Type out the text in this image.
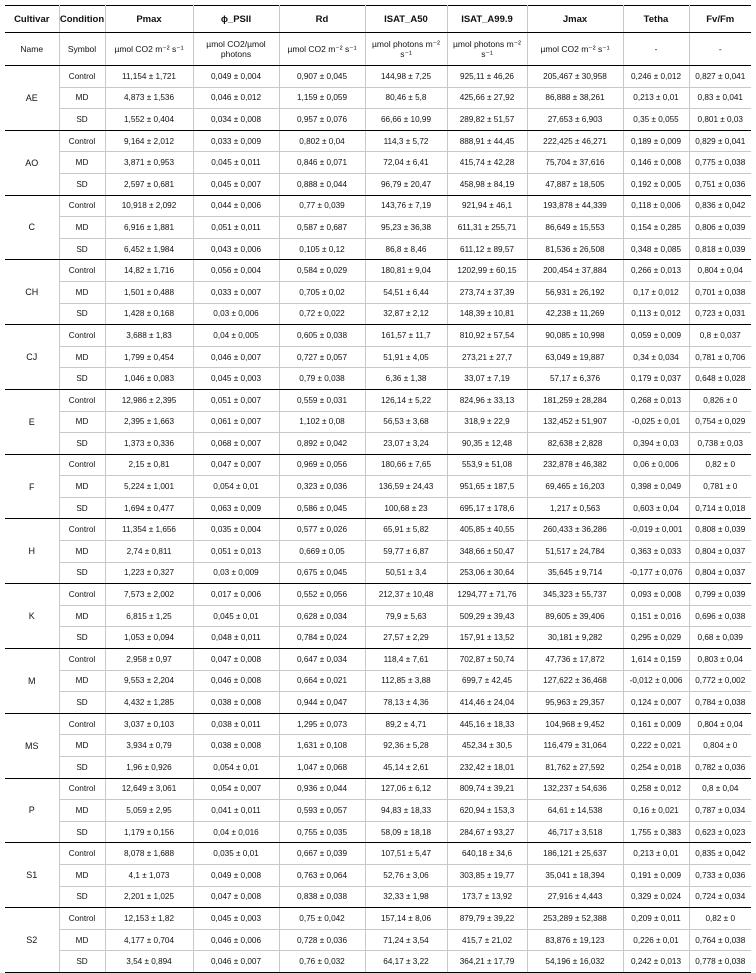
Cultivar	Condition	Pmax	ϕ_PSII	Rd	ISAT_A50	ISAT_A99.9	Jmax	Tetha	Fv/Fm
Name	Symbol	µmol CO2 m⁻² s⁻¹	µmol CO2/µmol photons	µmol CO2 m⁻² s⁻¹	µmol photons m⁻² s⁻¹	µmol photons m⁻² s⁻¹	µmol CO2 m⁻² s⁻¹	-	-
AE	Control	11,154 ± 1,721	0,049 ± 0,004	0,907 ± 0,045	144,98 ± 7,25	925,11 ± 46,26	205,467 ± 30,958	0,246 ± 0,012	0,827 ± 0,041
	MD	4,873 ± 1,536	0,046 ± 0,012	1,159 ± 0,059	80,46 ± 5,8	425,66 ± 27,92	86,888 ± 38,261	0,213 ± 0,01	0,83 ± 0,041
	SD	1,552 ± 0,404	0,034 ± 0,008	0,957 ± 0,076	66,66 ± 10,99	289,82 ± 51,57	27,653 ± 6,903	0,35 ± 0,055	0,801 ± 0,03
AO	Control	9,164 ± 2,012	0,033 ± 0,009	0,802 ± 0,04	114,3 ± 5,72	888,91 ± 44,45	222,425 ± 46,271	0,189 ± 0,009	0,829 ± 0,041
	MD	3,871 ± 0,953	0,045 ± 0,011	0,846 ± 0,071	72,04 ± 6,41	415,74 ± 42,28	75,704 ± 37,616	0,146 ± 0,008	0,775 ± 0,038
	SD	2,597 ± 0,681	0,045 ± 0,007	0,888 ± 0,044	96,79 ± 20,47	458,98 ± 84,19	47,887 ± 18,505	0,192 ± 0,005	0,751 ± 0,036
C	Control	10,918 ± 2,092	0,044 ± 0,006	0,77 ± 0,039	143,76 ± 7,19	921,94 ± 46,1	193,878 ± 44,339	0,118 ± 0,006	0,836 ± 0,042
	MD	6,916 ± 1,881	0,051 ± 0,011	0,587 ± 0,687	95,23 ± 36,38	611,31 ± 255,71	86,649 ± 15,553	0,154 ± 0,285	0,806 ± 0,039
	SD	6,452 ± 1,984	0,043 ± 0,006	0,105 ± 0,12	86,8 ± 8,46	611,12 ± 89,57	81,536 ± 26,508	0,348 ± 0,085	0,818 ± 0,039
CH	Control	14,82 ± 1,716	0,056 ± 0,004	0,584 ± 0,029	180,81 ± 9,04	1202,99 ± 60,15	200,454 ± 37,884	0,266 ± 0,013	0,804 ± 0,04
	MD	1,501 ± 0,488	0,033 ± 0,007	0,705 ± 0,02	54,51 ± 6,44	273,74 ± 37,39	56,931 ± 26,192	0,17 ± 0,012	0,701 ± 0,038
	SD	1,428 ± 0,168	0,03 ± 0,006	0,72 ± 0,022	32,87 ± 2,12	148,39 ± 10,81	42,238 ± 11,269	0,113 ± 0,012	0,723 ± 0,031
CJ	Control	3,688 ± 1,83	0,04 ± 0,005	0,605 ± 0,038	161,57 ± 11,7	810,92 ± 57,54	90,085 ± 10,998	0,059 ± 0,009	0,8 ± 0,037
	MD	1,799 ± 0,454	0,046 ± 0,007	0,727 ± 0,057	51,91 ± 4,05	273,21 ± 27,7	63,049 ± 19,887	0,34 ± 0,034	0,781 ± 0,706
	SD	1,046 ± 0,083	0,045 ± 0,003	0,79 ± 0,038	6,36 ± 1,38	33,07 ± 7,19	57,17 ± 6,376	0,179 ± 0,037	0,648 ± 0,028
E	Control	12,986 ± 2,395	0,051 ± 0,007	0,559 ± 0,031	126,14 ± 5,22	824,96 ± 33,13	181,259 ± 28,284	0,268 ± 0,013	0,826 ± 0
	MD	2,395 ± 1,663	0,061 ± 0,007	1,102 ± 0,08	56,53 ± 3,68	318,9 ± 22,9	132,452 ± 51,907	-0,025 ± 0,01	0,754 ± 0,029
	SD	1,373 ± 0,336	0,068 ± 0,007	0,892 ± 0,042	23,07 ± 3,24	90,35 ± 12,48	82,638 ± 2,828	0,394 ± 0,03	0,738 ± 0,03
F	Control	2,15 ± 0,81	0,047 ± 0,007	0,969 ± 0,056	180,66 ± 7,65	553,9 ± 51,08	232,878 ± 46,382	0,06 ± 0,006	0,82 ± 0
	MD	5,224 ± 1,001	0,054 ± 0,01	0,323 ± 0,036	136,59 ± 24,43	951,65 ± 187,5	69,465 ± 16,203	0,398 ± 0,049	0,781 ± 0
	SD	1,694 ± 0,477	0,063 ± 0,009	0,586 ± 0,045	100,68 ± 23	695,17 ± 178,6	1,217 ± 0,563	0,603 ± 0,04	0,714 ± 0,018
H	Control	11,354 ± 1,656	0,035 ± 0,004	0,577 ± 0,026	65,91 ± 5,82	405,85 ± 40,55	260,433 ± 36,286	-0,019 ± 0,001	0,808 ± 0,039
	MD	2,74 ± 0,811	0,051 ± 0,013	0,669 ± 0,05	59,77 ± 6,87	348,66 ± 50,47	51,517 ± 24,784	0,363 ± 0,033	0,804 ± 0,037
	SD	1,223 ± 0,327	0,03 ± 0,009	0,675 ± 0,045	50,51 ± 3,4	253,06 ± 30,64	35,645 ± 9,714	-0,177 ± 0,076	0,804 ± 0,037
K	Control	7,573 ± 2,002	0,017 ± 0,006	0,552 ± 0,056	212,37 ± 10,48	1294,77 ± 71,76	345,323 ± 55,737	0,093 ± 0,008	0,799 ± 0,039
	MD	6,815 ± 1,25	0,045 ± 0,01	0,628 ± 0,034	79,9 ± 5,63	509,29 ± 39,43	89,605 ± 39,406	0,151 ± 0,016	0,696 ± 0,038
	SD	1,053 ± 0,094	0,048 ± 0,011	0,784 ± 0,024	27,57 ± 2,29	157,91 ± 13,52	30,181 ± 9,282	0,295 ± 0,029	0,68 ± 0,039
M	Control	2,958 ± 0,97	0,047 ± 0,008	0,647 ± 0,034	118,4 ± 7,61	702,87 ± 50,74	47,736 ± 17,872	1,614 ± 0,159	0,803 ± 0,04
	MD	9,553 ± 2,204	0,046 ± 0,008	0,664 ± 0,021	112,85 ± 3,88	699,7 ± 42,45	127,622 ± 36,468	-0,012 ± 0,006	0,772 ± 0,002
	SD	4,432 ± 1,285	0,038 ± 0,008	0,944 ± 0,047	78,13 ± 4,36	414,46 ± 24,04	95,963 ± 29,357	0,124 ± 0,007	0,784 ± 0,038
MS	Control	3,037 ± 0,103	0,038 ± 0,011	1,295 ± 0,073	89,2 ± 4,71	445,16 ± 18,33	104,968 ± 9,452	0,161 ± 0,009	0,804 ± 0,04
	MD	3,934 ± 0,79	0,038 ± 0,008	1,631 ± 0,108	92,36 ± 5,28	452,34 ± 30,5	116,479 ± 31,064	0,222 ± 0,021	0,804 ± 0
	SD	1,96 ± 0,926	0,054 ± 0,01	1,047 ± 0,068	45,14 ± 2,61	232,42 ± 18,01	81,762 ± 27,592	0,254 ± 0,018	0,782 ± 0,036
P	Control	12,649 ± 3,061	0,054 ± 0,007	0,936 ± 0,044	127,06 ± 6,12	809,74 ± 39,21	132,237 ± 54,636	0,258 ± 0,012	0,8 ± 0,04
	MD	5,059 ± 2,95	0,041 ± 0,011	0,593 ± 0,057	94,83 ± 18,33	620,94 ± 153,3	64,61 ± 14,538	0,16 ± 0,021	0,787 ± 0,034
	SD	1,179 ± 0,156	0,04 ± 0,016	0,755 ± 0,035	58,09 ± 18,18	284,67 ± 93,27	46,717 ± 3,518	1,755 ± 0,383	0,623 ± 0,023
S1	Control	8,078 ± 1,688	0,035 ± 0,01	0,667 ± 0,039	107,51 ± 5,47	640,18 ± 34,6	186,121 ± 25,637	0,213 ± 0,01	0,835 ± 0,042
	MD	4,1 ± 1,073	0,049 ± 0,008	0,763 ± 0,064	52,76 ± 3,06	303,85 ± 19,77	35,041 ± 18,394	0,191 ± 0,009	0,733 ± 0,036
	SD	2,201 ± 1,025	0,047 ± 0,008	0,838 ± 0,038	32,33 ± 1,98	173,7 ± 13,92	27,916 ± 4,443	0,329 ± 0,024	0,724 ± 0,034
S2	Control	12,153 ± 1,82	0,045 ± 0,003	0,75 ± 0,042	157,14 ± 8,06	879,79 ± 39,22	253,289 ± 52,388	0,209 ± 0,011	0,82 ± 0
	MD	4,177 ± 0,704	0,046 ± 0,006	0,728 ± 0,036	71,24 ± 3,54	415,7 ± 21,02	83,876 ± 19,123	0,226 ± 0,01	0,764 ± 0,038
	SD	3,54 ± 0,894	0,046 ± 0,007	0,76 ± 0,032	64,17 ± 3,22	364,21 ± 17,79	54,196 ± 16,032	0,242 ± 0,013	0,778 ± 0,038
